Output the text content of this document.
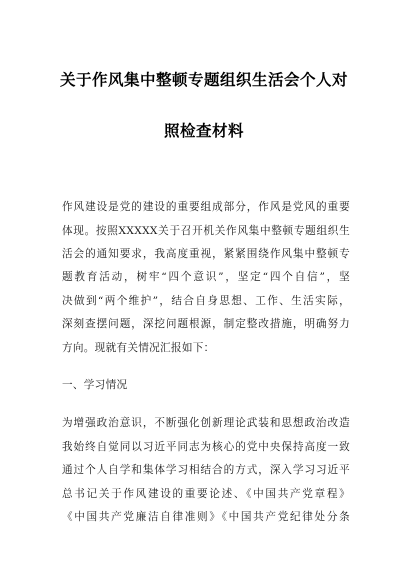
关于作风集中整顿专题组织生活会个人对
照检查材料
作风建设是党的建设的重要组成部分，作风是党风的重要
体现。按照XXXXX关于召开机关作风集中整顿专题组织生
活会的通知要求，我高度重视，紧紧围绕作风集中整顿专
题教育活动，树牢“四个意识”，坚定“四个自信”，坚
决做到“两个维护”，结合自身思想、工作、生活实际，
深刻查摆问题，深挖问题根源，制定整改措施，明确努力
方向。现就有关情况汇报如下：
一、学习情况
为增强政治意识，不断强化创新理论武装和思想政治改造
我始终自觉同以习近平同志为核心的党中央保持高度一致
通过个人自学和集体学习相结合的方式，深入学习习近平
总书记关于作风建设的重要论述、《中国共产党章程》
《中国共产党廉洁自律准则》《中国共产党纪律处分条
